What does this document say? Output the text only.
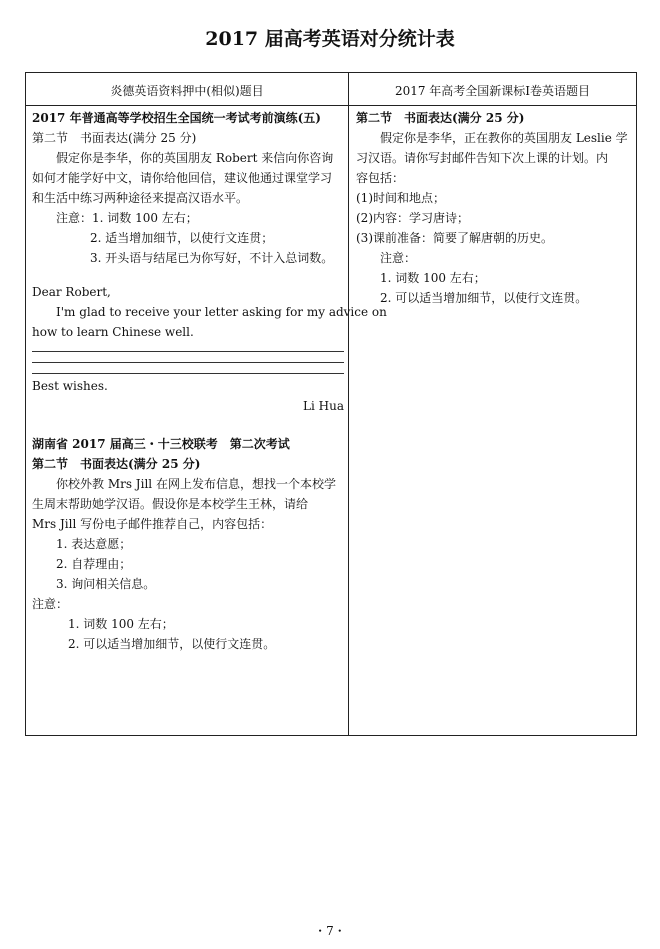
2017 届高考英语对分统计表
炎德英语资料押中(相似)题目	2017 年高考全国新课标Ⅰ卷英语题目
2017 年普通高等学校招生全国统一考试考前演练(五)
第二节　书面表达(满分 25 分)
假定你是李华，你的英国朋友 Robert 来信向你咨询
如何才能学好中文，请你给他回信，建议他通过课堂学习
和生活中练习两种途径来提高汉语水平。
注意：1. 词数 100 左右；
2. 适当增加细节，以使行文连贯；
3. 开头语与结尾已为你写好，不计入总词数。
Dear Robert,
I'm glad to receive your letter asking for my advice on
how to learn Chinese well.
Best wishes.
Li Hua
湖南省 2017 届高三・十三校联考　第二次考试
第二节　书面表达(满分 25 分)
你校外教 Mrs Jill 在网上发布信息，想找一个本校学
生周末帮助她学汉语。假设你是本校学生王林，请给
Mrs Jill 写份电子邮件推荐自己，内容包括：
1. 表达意愿；
2. 自荐理由；
3. 询问相关信息。
注意：
1. 词数 100 左右；
2. 可以适当增加细节，以使行文连贯。
第二节　书面表达(满分 25 分)
假定你是李华，正在教你的英国朋友 Leslie 学
习汉语。请你写封邮件告知下次上课的计划。内
容包括：
(1)时间和地点；
(2)内容：学习唐诗；
(3)课前准备：简要了解唐朝的历史。
注意：
1. 词数 100 左右；
2. 可以适当增加细节，以使行文连贯。
・7・
